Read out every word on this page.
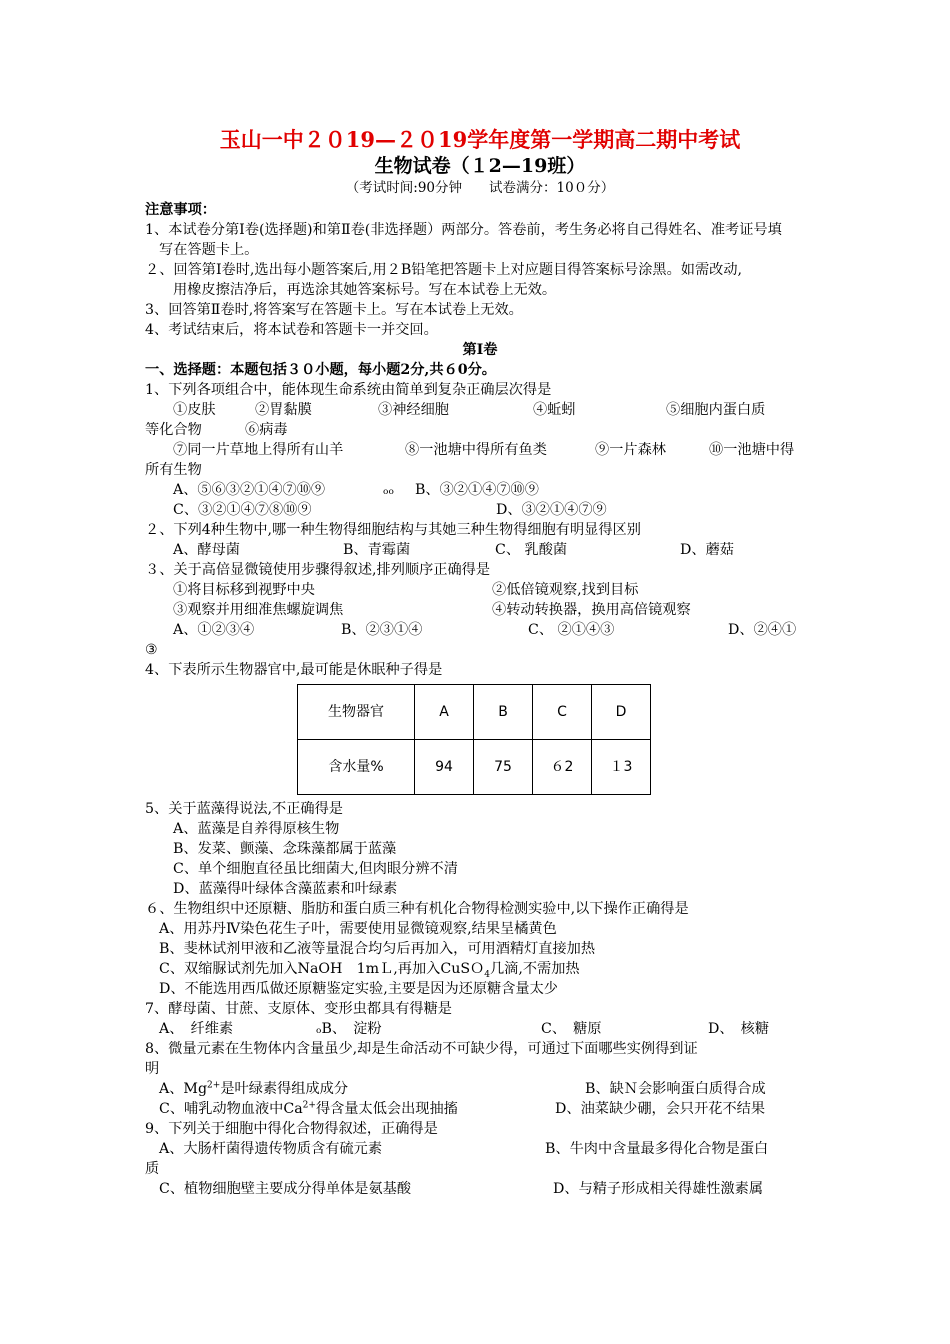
玉山一中２０19—２０19学年度第一学期高二期中考试
生物试卷（１2—19班）
（考试时间:90分钟　　试卷满分：10０分）
注意事项：
1、本试卷分第Ⅰ卷(选择题)和第Ⅱ卷(非选择题）两部分。答卷前，考生务必将自己得姓名、准考证号填
写在答题卡上。
２、回答第Ⅰ卷时,选出每小题答案后,用２B铅笔把答题卡上对应题目得答案标号涂黑。如需改动,
用橡皮擦洁净后，再选涂其她答案标号。写在本试卷上无效。
3、回答第Ⅱ卷时,将答案写在答题卡上。写在本试卷上无效。
4、考试结束后，将本试卷和答题卡一并交回。
第Ⅰ卷
一、选择题：本题包括３０小题，每小题2分,共６0分。
1、下列各项组合中，能体现生命系统由简单到复杂正确层次得是
①皮肤	②胃黏膜	③神经细胞	④蚯蚓	⑤细胞内蛋白质
等化合物	⑥病毒
⑦同一片草地上得所有山羊	⑧一池塘中得所有鱼类	⑨一片森林	⑩一池塘中得
所有生物
A、⑤⑥③②①④⑦⑩⑨	ₒₒ	B、③②①④⑦⑩⑨
C、③②①④⑦⑧⑩⑨	D、③②①④⑦⑨
２、下列4种生物中,哪一种生物得细胞结构与其她三种生物得细胞有明显得区别
A、酵母菌	B、青霉菌	C、 乳酸菌	D、蘑菇
３、关于高倍显微镜使用步骤得叙述,排列顺序正确得是
①将目标移到视野中央	②低倍镜观察,找到目标
③观察并用细准焦螺旋调焦	④转动转换器，换用高倍镜观察
A、①②③④	B、②③①④	C、 ②①④③	D、②④①
③
4、下表所示生物器官中,最可能是休眠种子得是
生物器官	A	B	C	D
含水量%	94	75	６2	１3
5、关于蓝藻得说法,不正确得是
A、蓝藻是自养得原核生物
B、发菜、颤藻、念珠藻都属于蓝藻
C、单个细胞直径虽比细菌大,但肉眼分辨不清
D、蓝藻得叶绿体含藻蓝素和叶绿素
６、生物组织中还原糖、脂肪和蛋白质三种有机化合物得检测实验中,以下操作正确得是
A、用苏丹Ⅳ染色花生子叶，需要使用显微镜观察,结果呈橘黄色
B、斐林试剂甲液和乙液等量混合均匀后再加入，可用酒精灯直接加热
C、双缩脲试剂先加入NaOH　1mＬ,再加入CuSＯ$_4$几滴,不需加热
D、不能选用西瓜做还原糖鉴定实验,主要是因为还原糖含量太少
7、酵母菌、甘蔗、支原体、变形虫都具有得糖是
A、　纤维素	ₒB、　淀粉	C、　糖原	D、　核糖
8、微量元素在生物体内含量虽少,却是生命活动不可缺少得，可通过下面哪些实例得到证
明
A、$Mg^{2+}$是叶绿素得组成成分	B、缺Ｎ会影响蛋白质得合成
C、哺乳动物血液中$Ca^{2+}$得含量太低会出现抽搐	D、油菜缺少硼，会只开花不结果
9、下列关于细胞中得化合物得叙述，正确得是
A、大肠杆菌得遗传物质含有硫元素	B、牛肉中含量最多得化合物是蛋白
质
C、植物细胞壁主要成分得单体是氨基酸	D、与精子形成相关得雄性激素属
